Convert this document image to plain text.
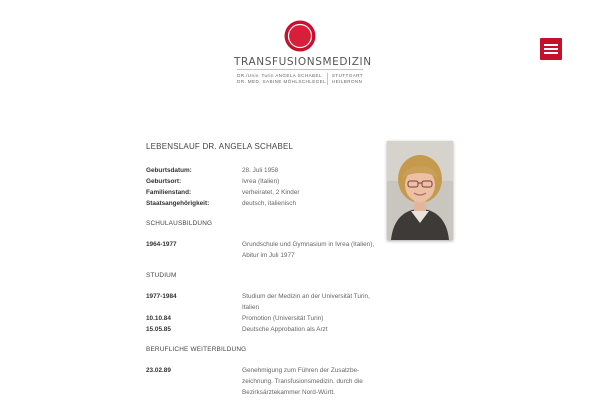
TRANSFUSIONSMEDIZIN
DR./Univ. Turin ANGELA SCHABEL
DR. MED. SABINE MÖHLSCHLEGEL
STUTTGART
HEILBRONN
LEBENSLAUF DR. ANGELA SCHABEL
Geburtsdatum:	28. Juli 1958
Geburtsort:	Ivrea (Italien)
Familienstand:	verheiratet, 2 Kinder
Staatsangehörigkeit:	deutsch, italienisch
SCHULAUSBILDUNG
1964-1977	Grundschule und Gymnasium in Ivrea (Italien), Abitur im Juli 1977
STUDIUM
1977-1984	Studium der Medizin an der Universität Turin, Italien
10.10.84	Promotion (Universität Turin)
15.05.85	Deutsche Approbation als Arzt
BERUFLICHE WEITERBILDUNG
23.02.89	Genehmigung zum Führen der Zusatzbezeichnung. Transfusionsmedizin. durch die Bezirksärztekammer Nord-Württ.
